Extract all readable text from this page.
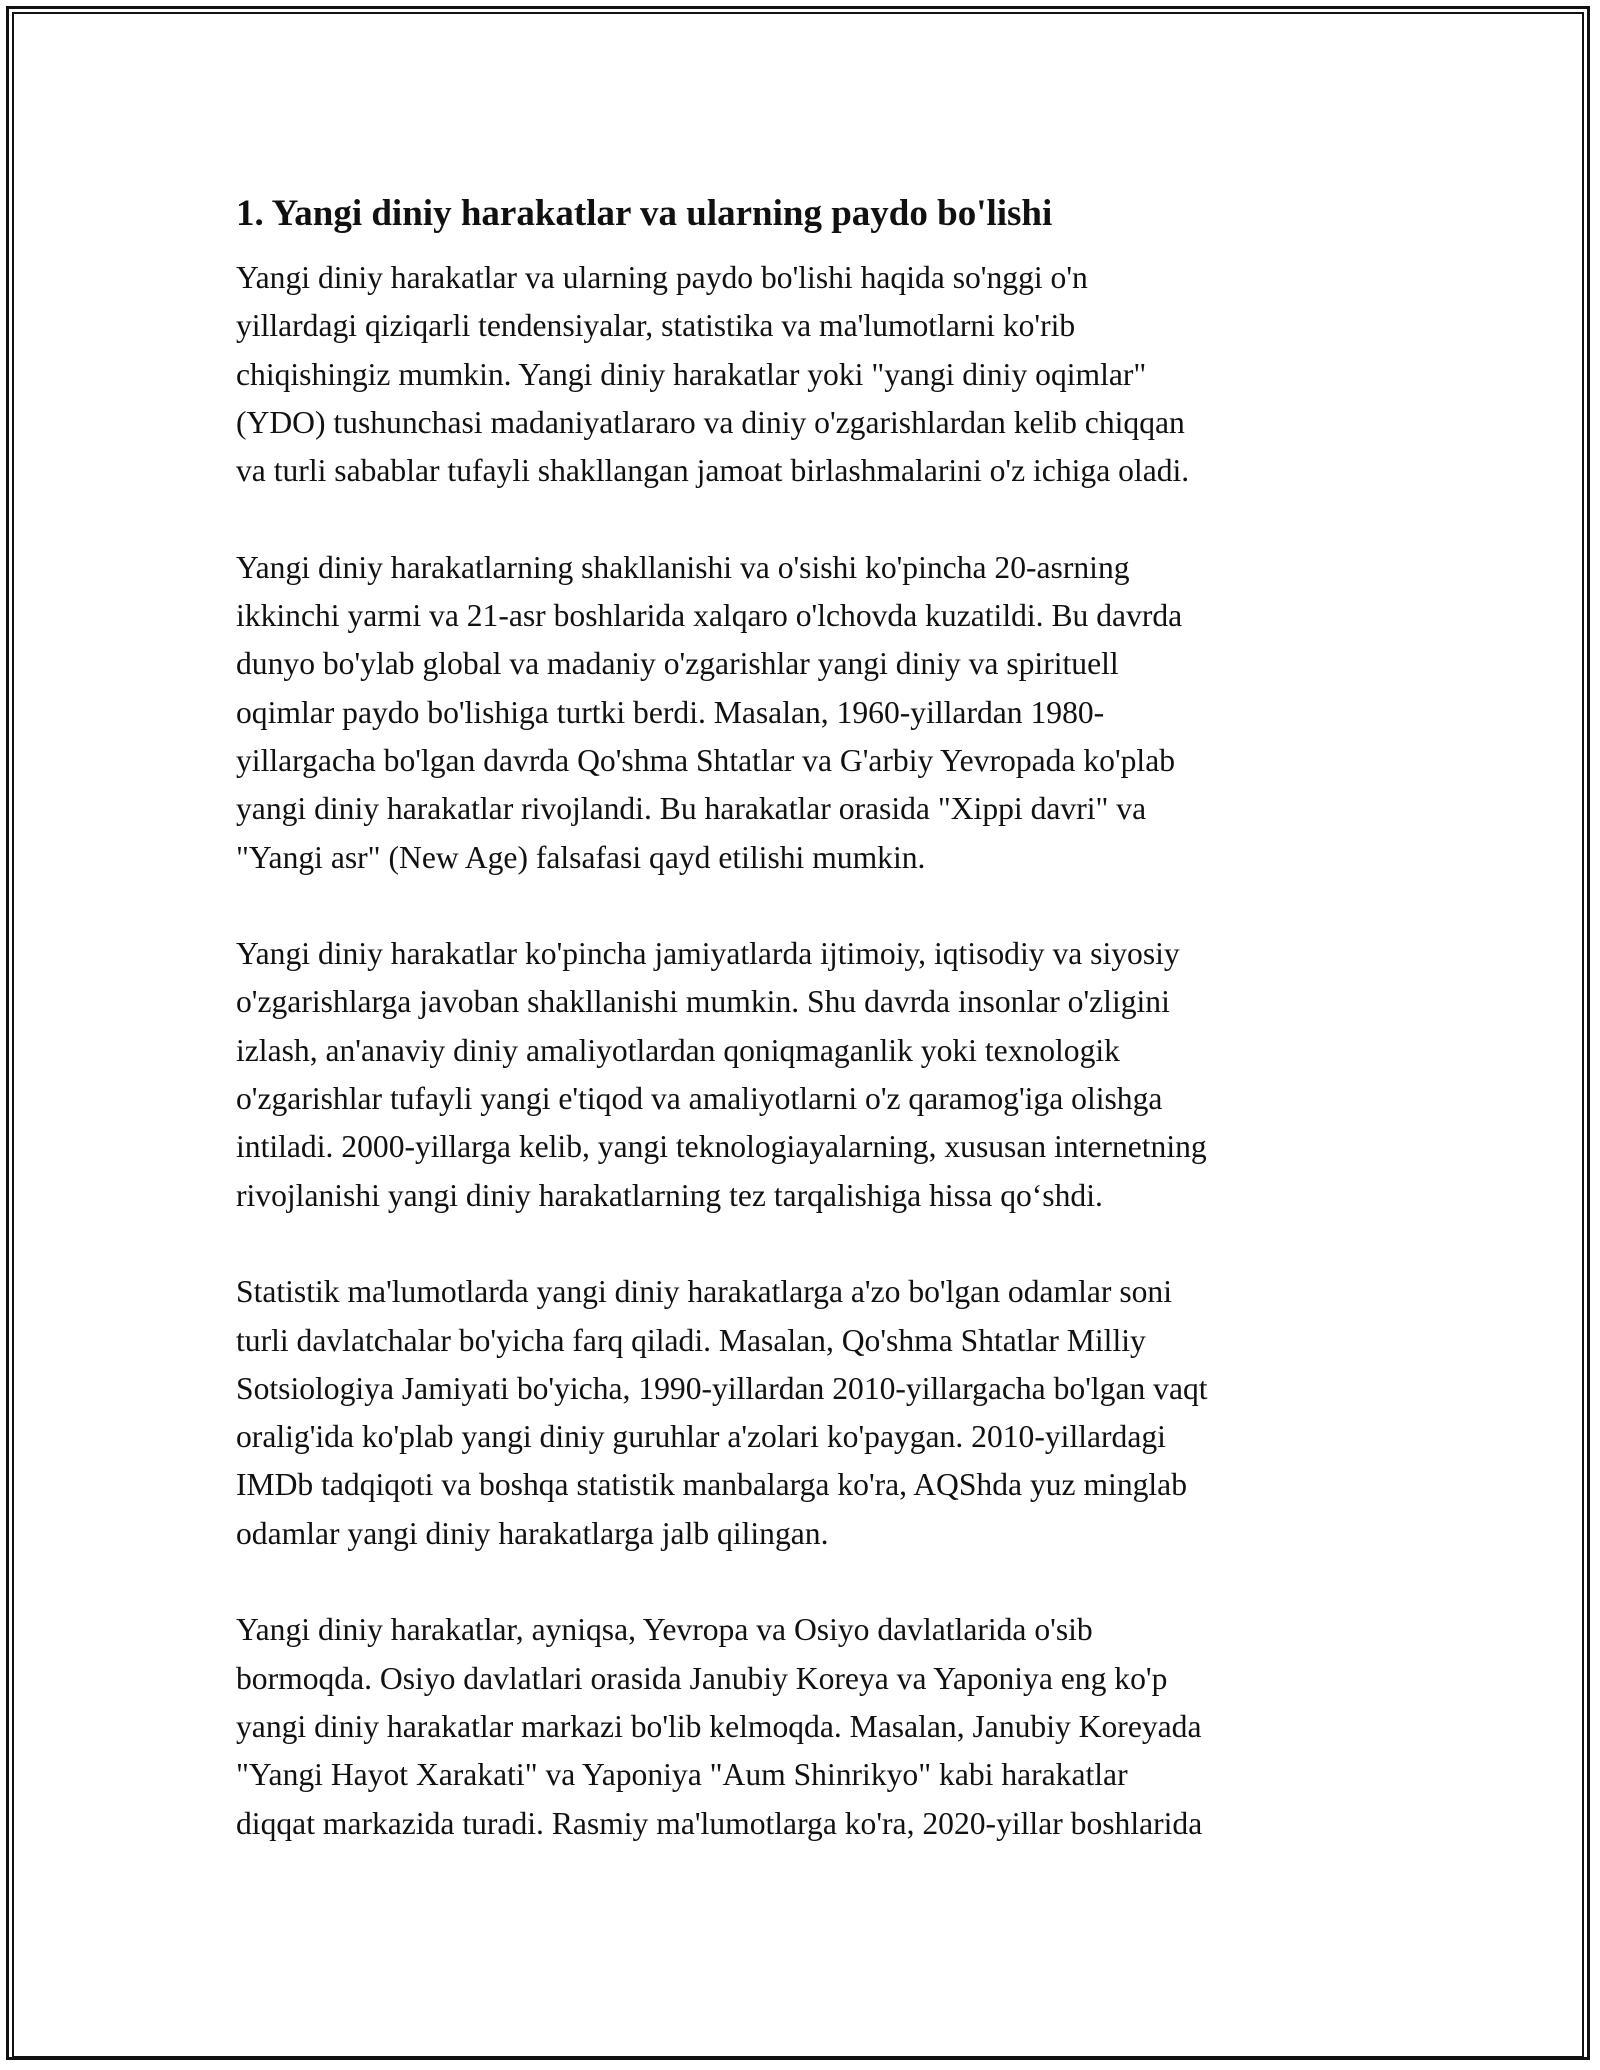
1. Yangi diniy harakatlar va ularning paydo bo'lishi

Yangi diniy harakatlar va ularning paydo bo'lishi haqida so'nggi o'n
yillardagi qiziqarli tendensiyalar, statistika va ma'lumotlarni ko'rib
chiqishingiz mumkin. Yangi diniy harakatlar yoki "yangi diniy oqimlar"
(YDO) tushunchasi madaniyatlararo va diniy o'zgarishlardan kelib chiqqan
va turli sabablar tufayli shakllangan jamoat birlashmalarini o'z ichiga oladi.

Yangi diniy harakatlarning shakllanishi va o'sishi ko'pincha 20-asrning
ikkinchi yarmi va 21-asr boshlarida xalqaro o'lchovda kuzatildi. Bu davrda
dunyo bo'ylab global va madaniy o'zgarishlar yangi diniy va spirituell
oqimlar paydo bo'lishiga turtki berdi. Masalan, 1960-yillardan 1980-
yillargacha bo'lgan davrda Qo'shma Shtatlar va G'arbiy Yevropada ko'plab
yangi diniy harakatlar rivojlandi. Bu harakatlar orasida "Xippi davri" va
"Yangi asr" (New Age) falsafasi qayd etilishi mumkin.

Yangi diniy harakatlar ko'pincha jamiyatlarda ijtimoiy, iqtisodiy va siyosiy
o'zgarishlarga javoban shakllanishi mumkin. Shu davrda insonlar o'zligini
izlash, an'anaviy diniy amaliyotlardan qoniqmaganlik yoki texnologik
o'zgarishlar tufayli yangi e'tiqod va amaliyotlarni o'z qaramog'iga olishga
intiladi. 2000-yillarga kelib, yangi teknologiayalarning, xususan internetning
rivojlanishi yangi diniy harakatlarning tez tarqalishiga hissa qo‘shdi.

Statistik ma'lumotlarda yangi diniy harakatlarga a'zo bo'lgan odamlar soni
turli davlatchalar bo'yicha farq qiladi. Masalan, Qo'shma Shtatlar Milliy
Sotsiologiya Jamiyati bo'yicha, 1990-yillardan 2010-yillargacha bo'lgan vaqt
oralig'ida ko'plab yangi diniy guruhlar a'zolari ko'paygan. 2010-yillardagi
IMDb tadqiqoti va boshqa statistik manbalarga ko'ra, AQShda yuz minglab
odamlar yangi diniy harakatlarga jalb qilingan.

Yangi diniy harakatlar, ayniqsa, Yevropa va Osiyo davlatlarida o'sib
bormoqda. Osiyo davlatlari orasida Janubiy Koreya va Yaponiya eng ko'p
yangi diniy harakatlar markazi bo'lib kelmoqda. Masalan, Janubiy Koreyada
"Yangi Hayot Xarakati" va Yaponiya "Aum Shinrikyo" kabi harakatlar
diqqat markazida turadi. Rasmiy ma'lumotlarga ko'ra, 2020-yillar boshlarida
